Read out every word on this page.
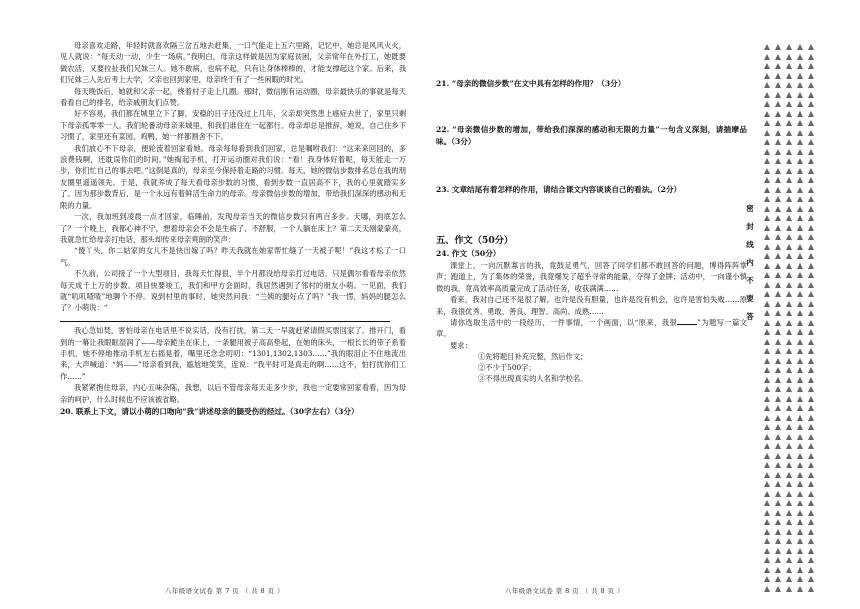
母亲喜欢走路，年轻时就喜欢隔三岔五地去赶集，一口气能走上五六里路，记忆中，她总是风风火火，见人就说：“每天动一动，少生一场病。”我明白，母亲这样做是因为家庭贫困，父亲常年在外打工，她既要做农活，又要拉扯我们兄妹三人。她不敢病，也病不起，只有让身体棒棒的，才能支撑起这个家。后来，我们兄妹三人先后考上大学，父亲也回到家里，母亲终于有了一些闲暇的时光。

每天晚饭后，她就和父亲一起，绕着村子走上几圈。那时，微信刚有运动圈，母亲最快乐的事就是每天看看自己的排名，给亲戚朋友们点赞。

好不容易，我们都在城里立下了脚，安稳的日子还没过上几年，父亲却突然患上癌症去世了，家里只剩下母亲孤零零一人。我们轮番动母亲来城里，和我们谁住在一起都行。母亲却总是推辞，她说，自己住乡下习惯了，家里还有菜园、鸡鸭，她一样都割舍不下。

我们放心不下母亲，便轮流着回家看她。母亲每每看到我们回家，总是嘱咐我们：“这来来回回的，多浪费钱啊，还耽误你们的时间。”她掏起手机，打开运动圈对我们说：“看！我身体好着呢，每天能走一万步，你们忙自己的事去吧。”这倒是真的，母亲至今保持着走路的习惯。每天，她的微信步数排名总在我的朋友圈里遥遥领先。于是，我就养成了每天看母亲步数的习惯，看到步数一直居高不下，我的心里就踏实多了。因为那步数背后，是一个永远有着鲜活生命力的母亲。母亲微信步数的增加，带给我们深深的感动和无限的力量。

一次，我加班到凌晨一点才回家，临睡前，发现母亲当天的微信步数只有两百多步。天哪，到底怎么了？一个晚上，我都心神不宁，想着母亲会不会是生病了、不舒服，一个人躺在床上？第二天天刚蒙蒙亮，我就急忙给母亲打电话，那头却传来母亲爽朗的笑声：

“傻丫头，你二姑家的女儿不是快出嫁了吗？昨天我就在她家帮忙缝了一天被子呢！”我这才松了一口气。

不久前，公司接了一个大型项目，我每天忙得很，半个月都没给母亲打过电话，只是偶尔看看母亲依然每天成千上万的步数。项目快要竣工，我们和甲方会面时，我居然遇到了邻村的朋友小萌。一见面，我们就“叽叽喳喳”地聊个不停。说到村里的事时，她突然问我：“兰姨的腿好点了吗？”我一愣，妈妈的腿怎么了？小萌说：“

我心急如焚，害怕母亲在电话里不说实话，没有打扰，第二天一早就赶紧请假买票回家了。推开门，看到的一幕让我眼眶湿润了——母亲跪坐在床上，一条腿用被子高高垫起，在她的床头，一根长长的带子系着手机，她不停地推动手机左右摇晃着，嘴里还念念叨叨：“1301,1302,1303……”我的眼泪止不住地流出来，大声喊道：“妈——”母亲看到我，尴尬地笑笑，连说：“我平时可是真走的啊……这不，怕打扰你们工作……”

我紧紧抱住母亲，内心五味杂陈，我想，以后不管母亲每天走多少步，我也一定要常回家看看，因为母亲的呵护，什么时候也不应该被省略。

20. 联系上下文，请以小萌的口吻向“我”讲述母亲的腿受伤的经过。（30字左右）（3分）

八年级语文试卷 第 7 页 （ 共 8 页 ）

21. “母亲的微信步数”在文中具有怎样的作用？（3分）

22. “母亲微信步数的增加，带给我们深深的感动和无限的力量”一句含义深刻，请揣摩品味。（3分）

23. 文章结尾有着怎样的作用，请结合课文内容谈谈自己的看法。（2分）

五、作文（50分）

24. 作文（50分）

课堂上，一向沉默寡言的我，竟鼓足勇气，回答了同学们都不敢回答的问题，博得阵阵掌声；跑道上，为了集体的荣誉，我竟爆发了超乎寻常的能量，夺得了金牌；活动中，一向谨小慎微的我，竟高效率高质量完成了活动任务，收获满满……

看来，我对自己还不是很了解，也许是没有胆量，也许是没有机会，也许是害怕失败……原来，我很优秀、勇敢、善良、理智、高尚、成熟……

请你选取生活中的一段经历，一件事情，一个画面，以“原来，我很	”为题写一篇文章。

要求：
①先将题目补充完整，然后作文；
②不少于500字；
③不得出现真实的人名和学校名。
八年级语文试卷 第 8 页 （ 共 8 页 ）
密
封
线
内
不
要
答
